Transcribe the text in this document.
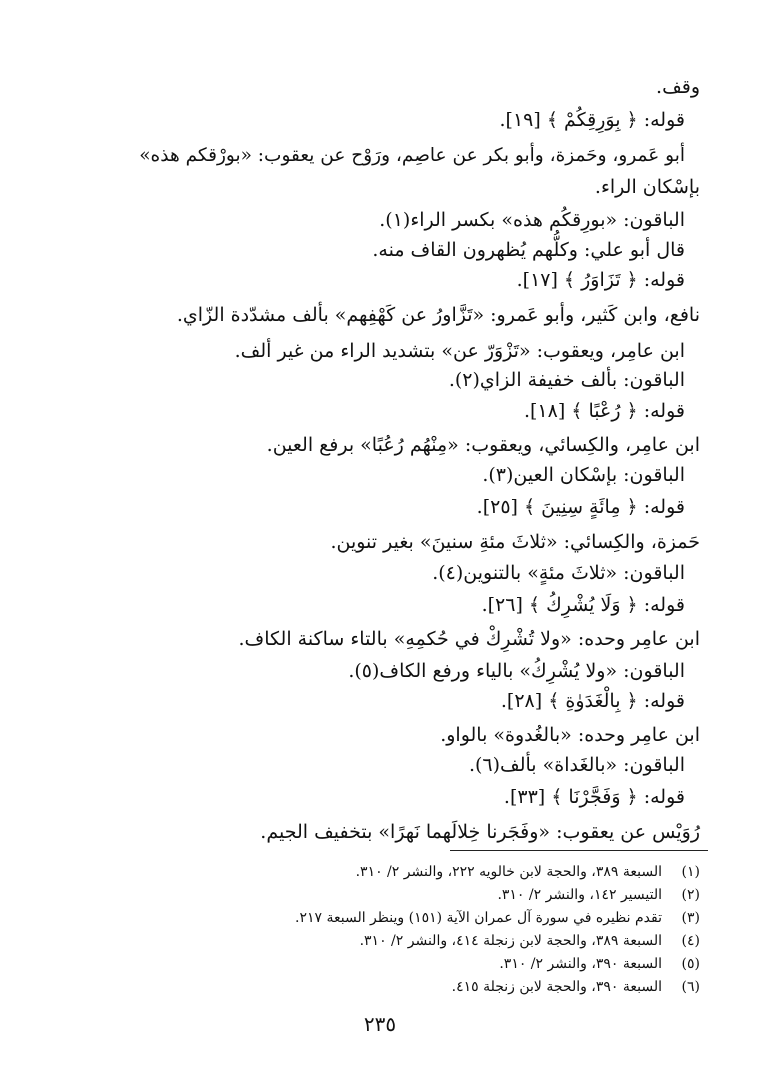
وقف.
قوله: ﴿ بِوَرِقِكُمْ ﴾ [١٩].
أبو عَمرو، وحَمزة، وأبو بكر عن عاصِم، ورَوْح عن يعقوب: «بورْقكم هذه»
بإسْكان الراء.
الباقون: «بورِقكُم هذه» بكسر الراء(١).
قال أبو علي: وكلُّهم يُظهرون القاف منه.
قوله: ﴿ تَزَاوَرُ ﴾ [١٧].
نافع، وابن كَثير، وأبو عَمرو: «تَزَّاورُ عن كَهْفِهم» بألف مشدّدة الزّاي.
ابن عامِر، ويعقوب: «تَزْوَرّ عن» بتشديد الراء من غير ألف.
الباقون: بألف خفيفة الزاي(٢).
قوله: ﴿ رُعْبًا ﴾ [١٨].
ابن عامِر، والكِسائي، ويعقوب: «مِنْهُم رُعُبًا» برفع العين.
الباقون: بإسْكان العين(٣).
قوله: ﴿ مِائَةٍ سِنِينَ ﴾ [٢٥].
حَمزة، والكِسائي: «ثلاثَ مئةِ سنينَ» بغير تنوين.
الباقون: «ثلاثَ مئةٍ» بالتنوين(٤).
قوله: ﴿ وَلَا يُشْرِكُ ﴾ [٢٦].
ابن عامِر وحده: «ولا تُشْرِكْ في حُكمِهِ» بالتاء ساكنة الكاف.
الباقون: «ولا يُشْرِكُ» بالياء ورفع الكاف(٥).
قوله: ﴿ بِالْغَدَوٰةِ ﴾ [٢٨].
ابن عامِر وحده: «بالغُدوة» بالواو.
الباقون: «بالغَداة» بألف(٦).
قوله: ﴿ وَفَجَّرْنَا ﴾ [٣٣].
رُوَيْس عن يعقوب: «وفَجَرنا خِلالَهما نَهرًا» بتخفيف الجيم.
(١)السبعة ٣٨٩، والحجة لابن خالويه ٢٢٢، والنشر ٢/ ٣١٠.
(٢)التيسير ١٤٢، والنشر ٢/ ٣١٠.
(٣)تقدم نظيره في سورة آل عمران الآية (١٥١) وينظر السبعة ٢١٧.
(٤)السبعة ٣٨٩، والحجة لابن زنجلة ٤١٤، والنشر ٢/ ٣١٠.
(٥)السبعة ٣٩٠، والنشر ٢/ ٣١٠.
(٦)السبعة ٣٩٠، والحجة لابن زنجلة ٤١٥.
٢٣٥
